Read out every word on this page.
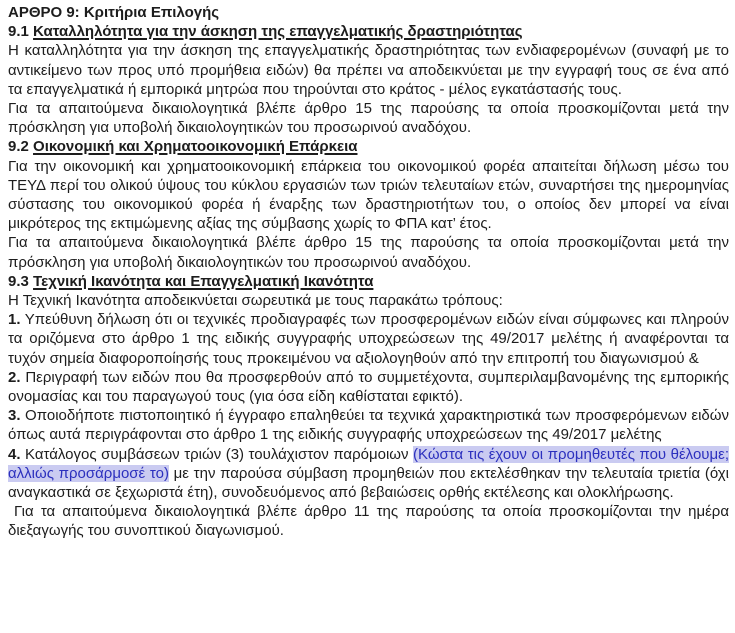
ΑΡΘΡΟ 9: Κριτήρια Επιλογής

9.1 Καταλληλότητα για την άσκηση της επαγγελματικής δραστηριότητας

Η καταλληλότητα για την άσκηση της επαγγελματικής δραστηριότητας των ενδιαφερομένων (συναφή με το αντικείμενο των προς υπό προμήθεια ειδών) θα πρέπει να αποδεικνύεται με την εγγραφή τους σε ένα από τα επαγγελματικά ή εμπορικά μητρώα που τηρούνται στο κράτος - μέλος εγκατάστασής τους.

Για τα απαιτούμενα δικαιολογητικά βλέπε άρθρο 15 της παρούσης τα οποία προσκομίζονται μετά την πρόσκληση για υποβολή δικαιολογητικών του προσωρινού αναδόχου.

9.2 Οικονομική και Χρηματοοικονομική Επάρκεια

Για την οικονομική και χρηματοοικονομική επάρκεια του οικονομικού φορέα απαιτείται δήλωση μέσω του ΤΕΥΔ περί του ολικού ύψους του κύκλου εργασιών των τριών τελευταίων ετών, συναρτήσει της ημερομηνίας σύστασης του οικονομικού φορέα ή έναρξης των δραστηριοτήτων του, ο οποίος δεν μπορεί να είναι μικρότερος της εκτιμώμενης αξίας της σύμβασης χωρίς το ΦΠΑ κατ’ έτος.

Για τα απαιτούμενα δικαιολογητικά βλέπε άρθρο 15 της παρούσης τα οποία προσκομίζονται μετά την πρόσκληση για υποβολή δικαιολογητικών του προσωρινού αναδόχου.

9.3 Τεχνική Ικανότητα και Επαγγελματική Ικανότητα

Η Τεχνική Ικανότητα αποδεικνύεται σωρευτικά με τους παρακάτω τρόπους:

1. Υπεύθυνη δήλωση ότι οι τεχνικές προδιαγραφές των προσφερομένων ειδών είναι σύμφωνες και πληρούν τα οριζόμενα στο άρθρο 1 της ειδικής συγγραφής υποχρεώσεων της 49/2017 μελέτης ή αναφέρονται τα τυχόν σημεία διαφοροποίησής τους προκειμένου να αξιολογηθούν από την επιτροπή του διαγωνισμού &

2. Περιγραφή των ειδών που θα προσφερθούν από το συμμετέχοντα, συμπεριλαμβανομένης της εμπορικής ονομασίας και του παραγωγού τους (για όσα είδη καθίσταται εφικτό).

3. Οποιοδήποτε πιστοποιητικό ή έγγραφο επαληθεύει τα τεχνικά χαρακτηριστικά των προσφερόμενων ειδών όπως αυτά περιγράφονται στο άρθρο 1 της ειδικής συγγραφής υποχρεώσεων της 49/2017 μελέτης

4. Κατάλογος συμβάσεων τριών (3) τουλάχιστον παρόμοιων (Κώστα τις έχουν οι προμηθευτές που θέλουμε; αλλιώς προσάρμοσέ το) με την παρούσα σύμβαση προμηθειών που εκτελέσθηκαν την τελευταία τριετία (όχι αναγκαστικά σε ξεχωριστά έτη), συνοδευόμενος από βεβαιώσεις ορθής εκτέλεσης και ολοκλήρωσης.

Για τα απαιτούμενα δικαιολογητικά βλέπε άρθρο 11 της παρούσης τα οποία προσκομίζονται την ημέρα διεξαγωγής του συνοπτικού διαγωνισμού.
